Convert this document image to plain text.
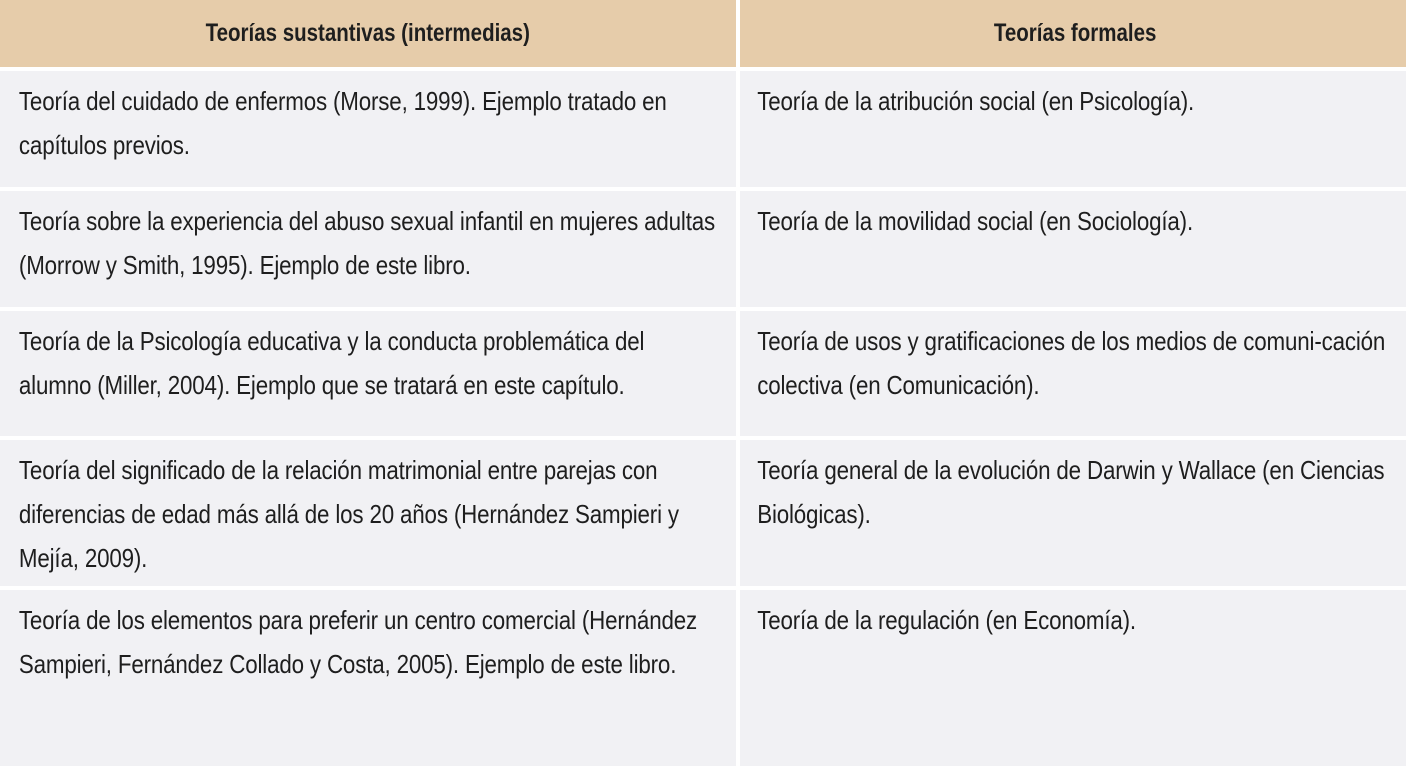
Teorías sustantivas (intermedias)	Teorías formales
Teoría del cuidado de enfermos (Morse, 1999). Ejemplo tratado en capítulos previos.
Teoría de la atribución social (en Psicología).
Teoría sobre la experiencia del abuso sexual infantil en mujeres adultas (Morrow y Smith, 1995). Ejemplo de este libro.
Teoría de la movilidad social (en Sociología).
Teoría de la Psicología educativa y la conducta problemática del alumno (Miller, 2004). Ejemplo que se tratará en este capítulo.
Teoría de usos y gratificaciones de los medios de comuni-cación colectiva (en Comunicación).
Teoría del significado de la relación matrimonial entre parejas con diferencias de edad más allá de los 20 años (Hernández Sampieri y Mejía, 2009).
Teoría general de la evolución de Darwin y Wallace (en Ciencias Biológicas).
Teoría de los elementos para preferir un centro comercial (Hernández Sampieri, Fernández Collado y Costa, 2005). Ejemplo de este libro.
Teoría de la regulación (en Economía).
